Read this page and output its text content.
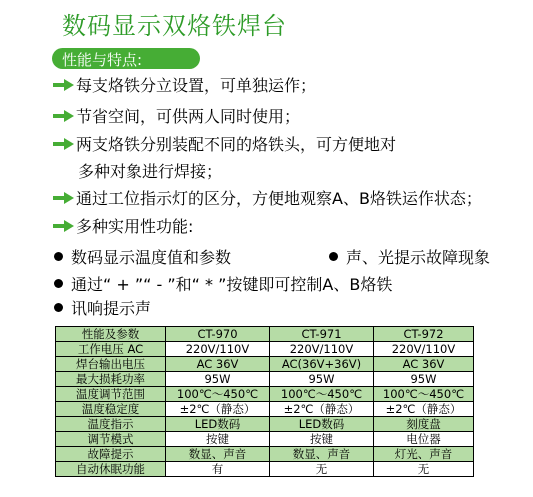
数码显示双烙铁焊台
性能与特点:
每支烙铁分立设置，可单独运作；
节省空间，可供两人同时使用；
两支烙铁分别装配不同的烙铁头，可方便地对
多种对象进行焊接；
通过工位指示灯的区分，方便地观察A、B烙铁运作状态；
多种实用性功能:
数码显示温度值和参数	声、光提示故障现象
通过“ + ”“ - ”和“ * ”按键即可控制A、B烙铁
讯响提示声
性能及参数	CT-970	CT-971	CT-972
工作电压 AC	220V/110V	220V/110V	220V/110V
焊台输出电压	AC 36V	AC(36V+36V)	AC 36V
最大损耗功率	95W	95W	95W
温度调节范围	100℃～450℃	100℃～450℃	100℃～450℃
温度稳定度	±2℃（静态）	±2℃（静态）	±2℃（静态）
温度指示	LED数码	LED数码	刻度盘
调节模式	按键	按键	电位器
故障提示	数显、声音	数显、声音	灯光、声音
自动休眠功能	有	无	无
